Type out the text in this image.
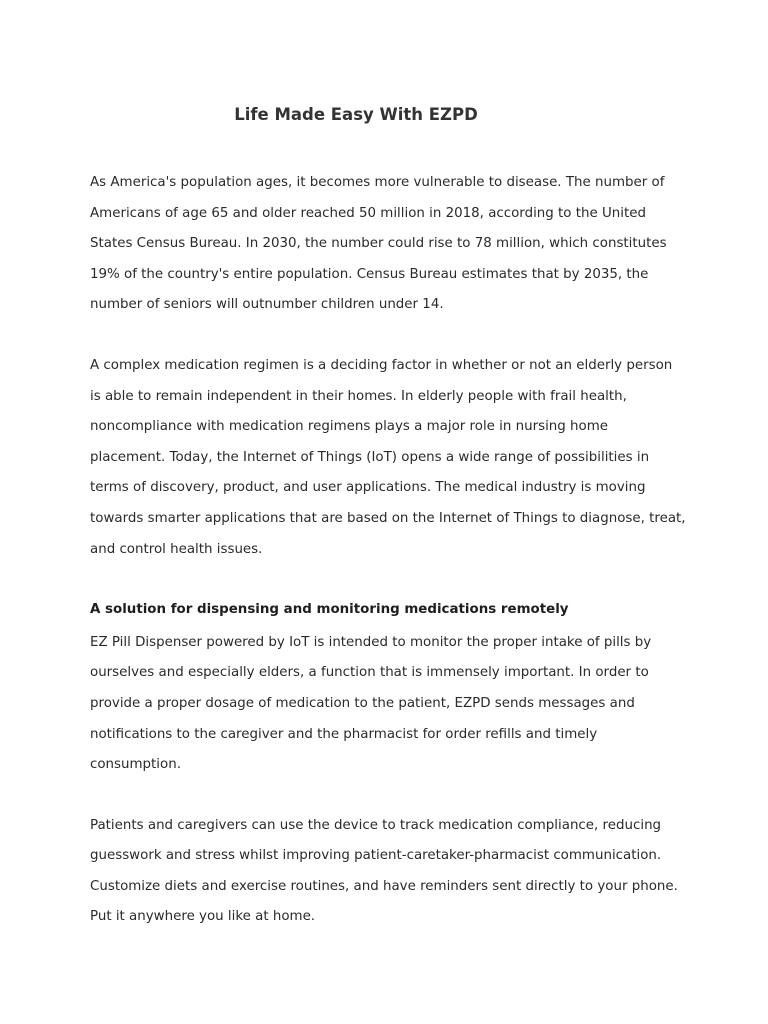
Life Made Easy With EZPD

As America's population ages, it becomes more vulnerable to disease. The number of Americans of age 65 and older reached 50 million in 2018, according to the United States Census Bureau. In 2030, the number could rise to 78 million, which constitutes 19% of the country's entire population. Census Bureau estimates that by 2035, the number of seniors will outnumber children under 14.

A complex medication regimen is a deciding factor in whether or not an elderly person is able to remain independent in their homes. In elderly people with frail health, noncompliance with medication regimens plays a major role in nursing home placement. Today, the Internet of Things (IoT) opens a wide range of possibilities in terms of discovery, product, and user applications. The medical industry is moving towards smarter applications that are based on the Internet of Things to diagnose, treat, and control health issues.

A solution for dispensing and monitoring medications remotely

EZ Pill Dispenser powered by IoT is intended to monitor the proper intake of pills by ourselves and especially elders, a function that is immensely important. In order to provide a proper dosage of medication to the patient, EZPD sends messages and notifications to the caregiver and the pharmacist for order refills and timely consumption.

Patients and caregivers can use the device to track medication compliance, reducing guesswork and stress whilst improving patient-caretaker-pharmacist communication. Customize diets and exercise routines, and have reminders sent directly to your phone. Put it anywhere you like at home.
